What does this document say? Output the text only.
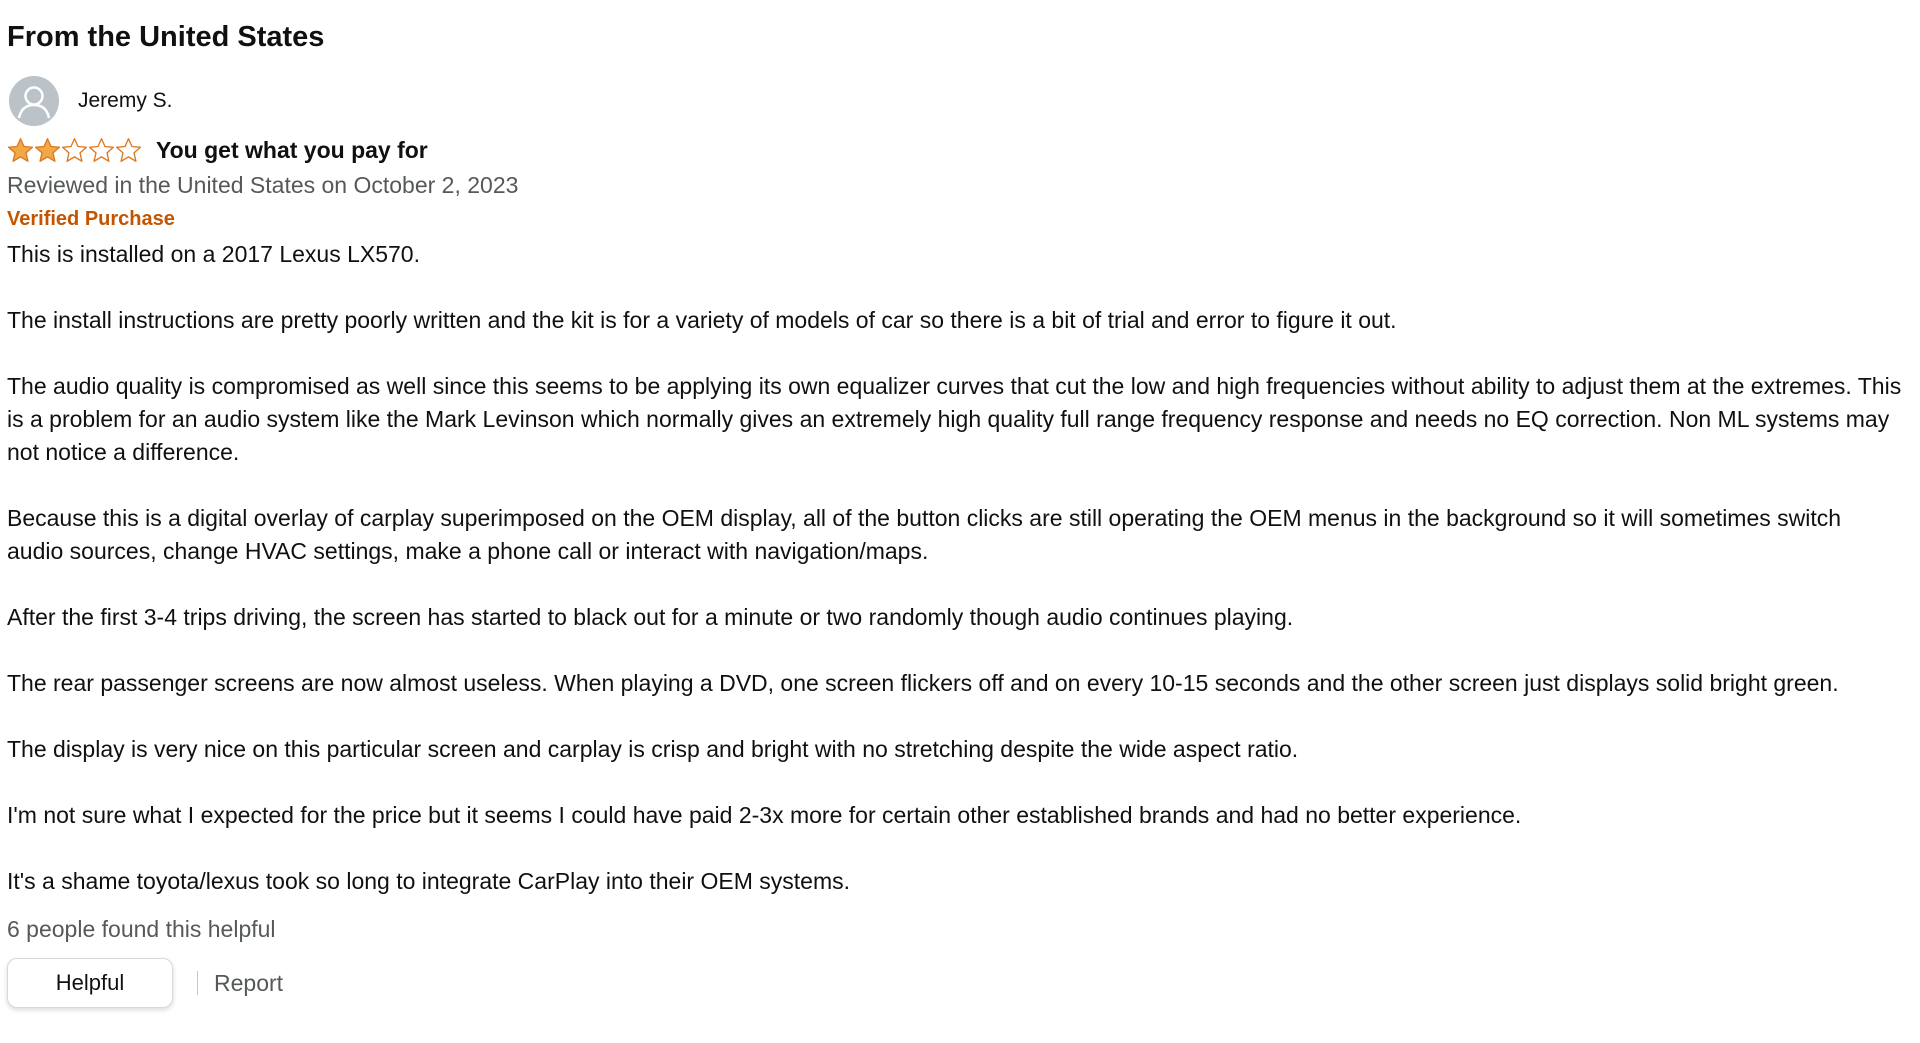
From the United States
Jeremy S.
You get what you pay for
Reviewed in the United States on October 2, 2023
Verified Purchase

This is installed on a 2017 Lexus LX570.

The install instructions are pretty poorly written and the kit is for a variety of models of car so there is a bit of trial and error to figure it out.

The audio quality is compromised as well since this seems to be applying its own equalizer curves that cut the low and high frequencies without ability to adjust them at the extremes. This is a problem for an audio system like the Mark Levinson which normally gives an extremely high quality full range frequency response and needs no EQ correction. Non ML systems may not notice a difference.

Because this is a digital overlay of carplay superimposed on the OEM display, all of the button clicks are still operating the OEM menus in the background so it will sometimes switch audio sources, change HVAC settings, make a phone call or interact with navigation/maps.

After the first 3-4 trips driving, the screen has started to black out for a minute or two randomly though audio continues playing.

The rear passenger screens are now almost useless. When playing a DVD, one screen flickers off and on every 10-15 seconds and the other screen just displays solid bright green.

The display is very nice on this particular screen and carplay is crisp and bright with no stretching despite the wide aspect ratio.

I'm not sure what I expected for the price but it seems I could have paid 2-3x more for certain other established brands and had no better experience.

It's a shame toyota/lexus took so long to integrate CarPlay into their OEM systems.

6 people found this helpful
Helpful	Report
